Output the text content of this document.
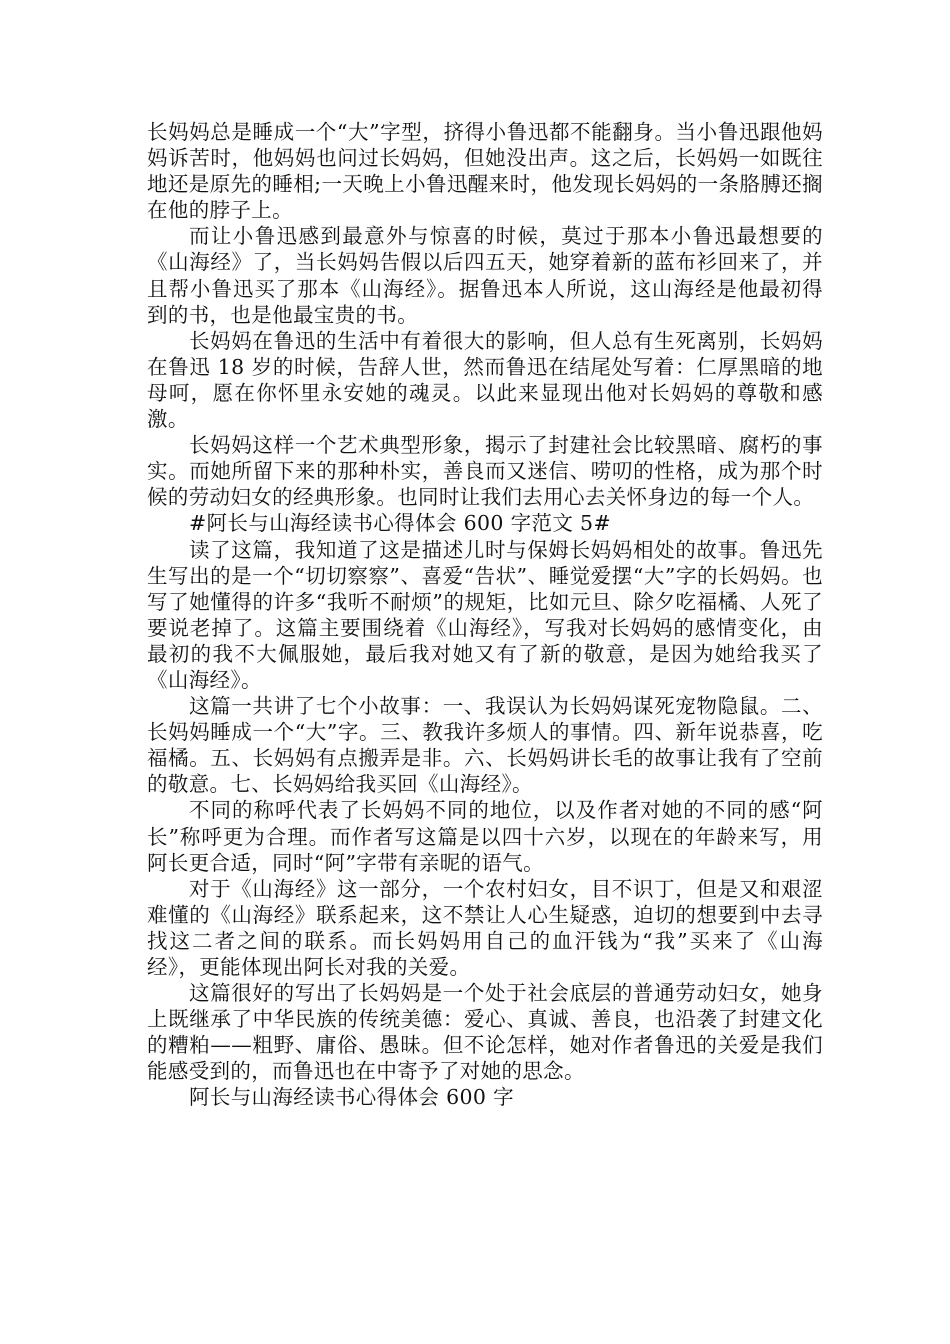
长妈妈总是睡成一个“大”字型，挤得小鲁迅都不能翻身。当小鲁迅跟他妈妈诉苦时，他妈妈也问过长妈妈，但她没出声。这之后，长妈妈一如既往地还是原先的睡相;一天晚上小鲁迅醒来时，他发现长妈妈的一条胳膊还搁在他的脖子上。

而让小鲁迅感到最意外与惊喜的时候，莫过于那本小鲁迅最想要的《山海经》了，当长妈妈告假以后四五天，她穿着新的蓝布衫回来了，并且帮小鲁迅买了那本《山海经》。据鲁迅本人所说，这山海经是他最初得到的书，也是他最宝贵的书。

长妈妈在鲁迅的生活中有着很大的影响，但人总有生死离别，长妈妈在鲁迅 18 岁的时候，告辞人世，然而鲁迅在结尾处写着：仁厚黑暗的地母呵，愿在你怀里永安她的魂灵。以此来显现出他对长妈妈的尊敬和感激。

长妈妈这样一个艺术典型形象，揭示了封建社会比较黑暗、腐朽的事实。而她所留下来的那种朴实，善良而又迷信、唠叨的性格，成为那个时候的劳动妇女的经典形象。也同时让我们去用心去关怀身边的每一个人。

#阿长与山海经读书心得体会 600 字范文 5#

读了这篇，我知道了这是描述儿时与保姆长妈妈相处的故事。鲁迅先生写出的是一个“切切察察”、喜爱“告状”、睡觉爱摆“大”字的长妈妈。也写了她懂得的许多“我听不耐烦”的规矩，比如元旦、除夕吃福橘、人死了要说老掉了。这篇主要围绕着《山海经》，写我对长妈妈的感情变化，由最初的我不大佩服她，最后我对她又有了新的敬意，是因为她给我买了《山海经》。

这篇一共讲了七个小故事：一、我误认为长妈妈谋死宠物隐鼠。二、长妈妈睡成一个“大”字。三、教我许多烦人的事情。四、新年说恭喜，吃福橘。五、长妈妈有点搬弄是非。六、长妈妈讲长毛的故事让我有了空前的敬意。七、长妈妈给我买回《山海经》。

不同的称呼代表了长妈妈不同的地位，以及作者对她的不同的感“阿长”称呼更为合理。而作者写这篇是以四十六岁，以现在的年龄来写，用阿长更合适，同时“阿”字带有亲昵的语气。

对于《山海经》这一部分，一个农村妇女，目不识丁，但是又和艰涩难懂的《山海经》联系起来，这不禁让人心生疑惑，迫切的想要到中去寻找这二者之间的联系。而长妈妈用自己的血汗钱为“我”买来了《山海经》，更能体现出阿长对我的关爱。

这篇很好的写出了长妈妈是一个处于社会底层的普通劳动妇女，她身上既继承了中华民族的传统美德：爱心、真诚、善良，也沿袭了封建文化的糟粕——粗野、庸俗、愚昧。但不论怎样，她对作者鲁迅的关爱是我们能感受到的，而鲁迅也在中寄予了对她的思念。

阿长与山海经读书心得体会 600 字
